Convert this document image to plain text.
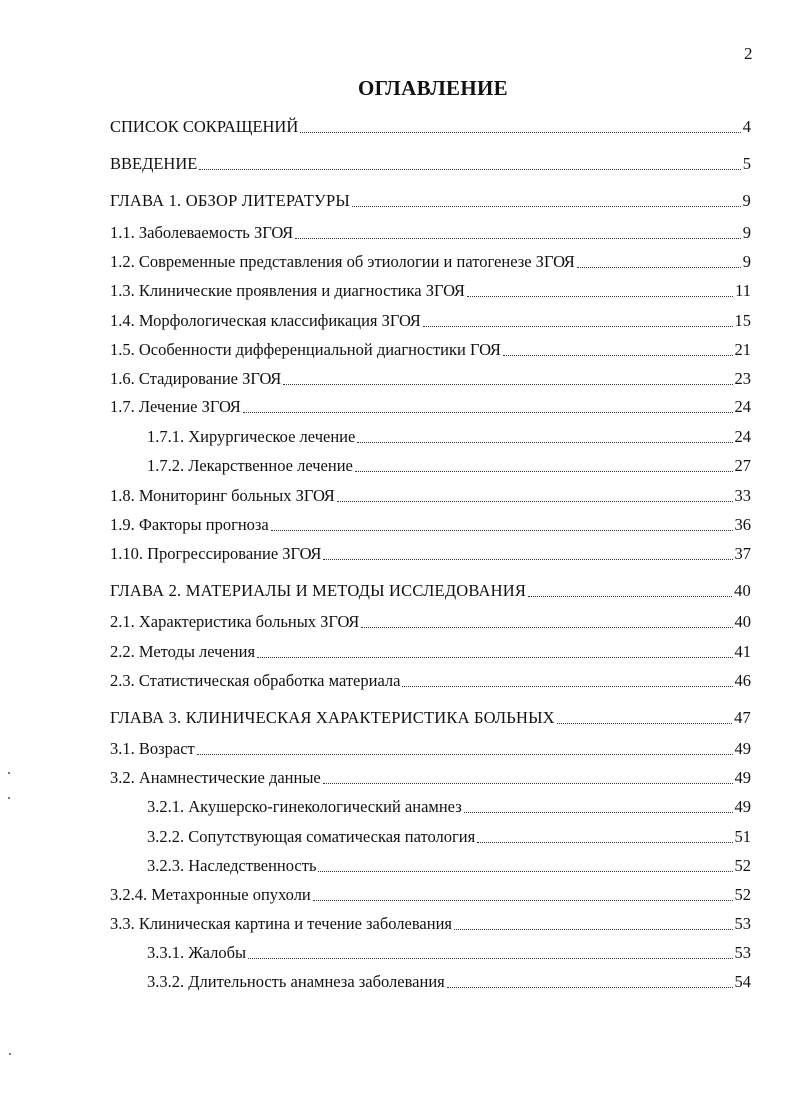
2
ОГЛАВЛЕНИЕ
СПИСОК СОКРАЩЕНИЙ	4
ВВЕДЕНИЕ	5
ГЛАВА 1. ОБЗОР ЛИТЕРАТУРЫ	9
1.1. Заболеваемость ЗГОЯ	9
1.2. Современные представления об этиологии и патогенезе ЗГОЯ	9
1.3. Клинические проявления и диагностика ЗГОЯ	11
1.4. Морфологическая классификация ЗГОЯ	15
1.5. Особенности дифференциальной диагностики ГОЯ	21
1.6. Стадирование ЗГОЯ	23
1.7. Лечение ЗГОЯ	24
1.7.1. Хирургическое лечение	24
1.7.2. Лекарственное лечение	27
1.8. Мониторинг больных ЗГОЯ	33
1.9. Факторы прогноза	36
1.10. Прогрессирование ЗГОЯ	37
ГЛАВА 2. МАТЕРИАЛЫ И МЕТОДЫ ИССЛЕДОВАНИЯ	40
2.1. Характеристика больных ЗГОЯ	40
2.2. Методы лечения	41
2.3. Статистическая обработка материала	46
ГЛАВА 3. КЛИНИЧЕСКАЯ ХАРАКТЕРИСТИКА БОЛЬНЫХ	47
3.1. Возраст	49
3.2. Анамнестические данные	49
3.2.1. Акушерско-гинекологический анамнез	49
3.2.2. Сопутствующая соматическая патология	51
3.2.3. Наследственность	52
3.2.4. Метахронные опухоли	52
3.3. Клиническая картина и течение заболевания	53
3.3.1. Жалобы	53
3.3.2. Длительность анамнеза заболевания	54
